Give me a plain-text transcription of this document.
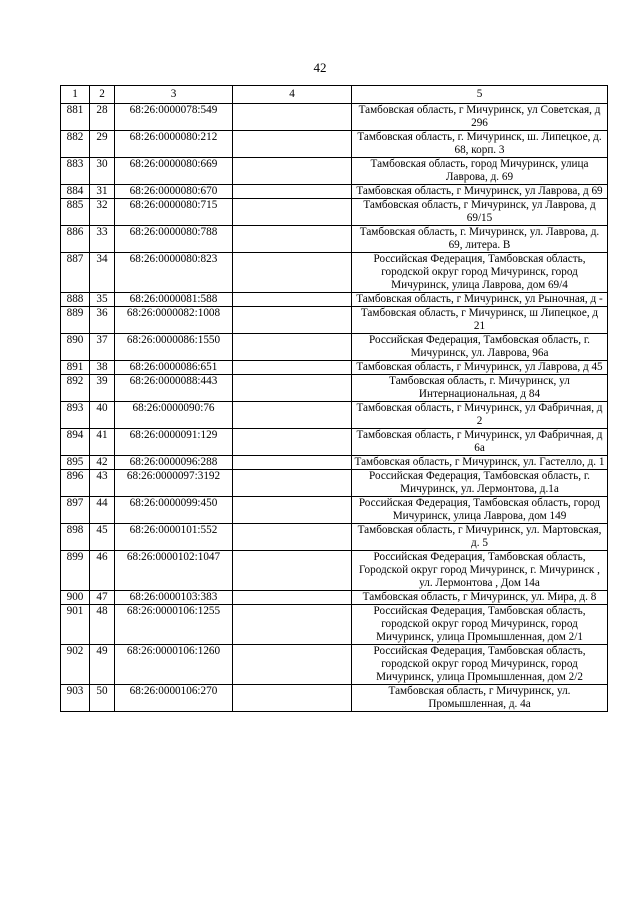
42
1	2	3	4	5
881	28	68:26:0000078:549		Тамбовская область, г Мичуринск, ул Советская, д 296
882	29	68:26:0000080:212		Тамбовская область, г. Мичуринск, ш. Липецкое, д. 68, корп. 3
883	30	68:26:0000080:669		Тамбовская область, город Мичуринск, улица Лаврова, д. 69
884	31	68:26:0000080:670		Тамбовская область, г Мичуринск, ул Лаврова, д 69
885	32	68:26:0000080:715		Тамбовская область, г Мичуринск, ул Лаврова, д 69/15
886	33	68:26:0000080:788		Тамбовская область, г. Мичуринск, ул. Лаврова, д. 69, литера. В
887	34	68:26:0000080:823		Российская Федерация, Тамбовская область, городской округ город Мичуринск, город Мичуринск, улица Лаврова, дом 69/4
888	35	68:26:0000081:588		Тамбовская область, г Мичуринск, ул Рыночная, д -
889	36	68:26:0000082:1008		Тамбовская область, г Мичуринск, ш Липецкое, д 21
890	37	68:26:0000086:1550		Российская Федерация, Тамбовская область, г. Мичуринск, ул. Лаврова, 96а
891	38	68:26:0000086:651		Тамбовская область, г Мичуринск, ул Лаврова, д 45
892	39	68:26:0000088:443		Тамбовская область, г. Мичуринск, ул Интернациональная, д 84
893	40	68:26:0000090:76		Тамбовская область, г Мичуринск, ул Фабричная, д 2
894	41	68:26:0000091:129		Тамбовская область, г Мичуринск, ул Фабричная, д 6а
895	42	68:26:0000096:288		Тамбовская область, г Мичуринск, ул. Гастелло, д. 1
896	43	68:26:0000097:3192		Российская Федерация, Тамбовская область, г. Мичуринск, ул. Лермонтова, д.1а
897	44	68:26:0000099:450		Российская Федерация, Тамбовская область, город Мичуринск, улица Лаврова, дом 149
898	45	68:26:0000101:552		Тамбовская область, г Мичуринск, ул. Мартовская, д. 5
899	46	68:26:0000102:1047		Российская Федерация, Тамбовская область, Городской округ город Мичуринск, г. Мичуринск , ул. Лермонтова , Дом 14а
900	47	68:26:0000103:383		Тамбовская область, г Мичуринск, ул. Мира, д. 8
901	48	68:26:0000106:1255		Российская Федерация, Тамбовская область, городской округ город Мичуринск, город Мичуринск, улица Промышленная, дом 2/1
902	49	68:26:0000106:1260		Российская Федерация, Тамбовская область, городской округ город Мичуринск, город Мичуринск, улица Промышленная, дом 2/2
903	50	68:26:0000106:270		Тамбовская область, г Мичуринск, ул. Промышленная, д. 4а
